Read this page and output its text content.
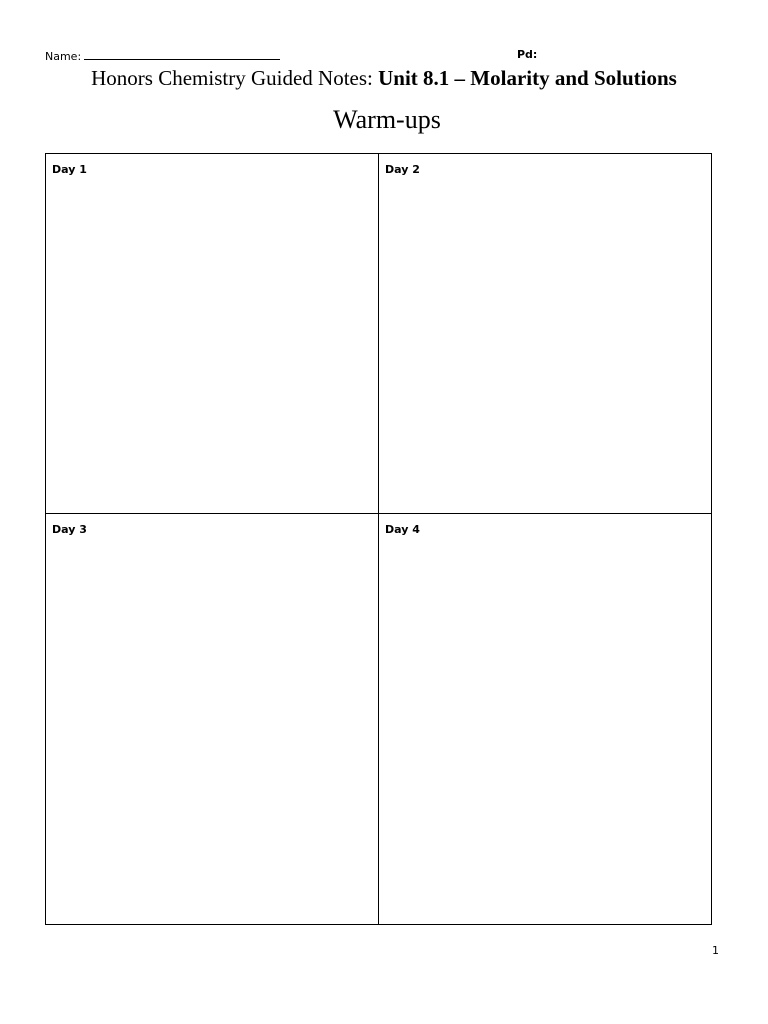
Name:	Pd:
Honors Chemistry Guided Notes: Unit 8.1 – Molarity and Solutions
Warm-ups
Day 1	Day 2
Day 3	Day 4
1
